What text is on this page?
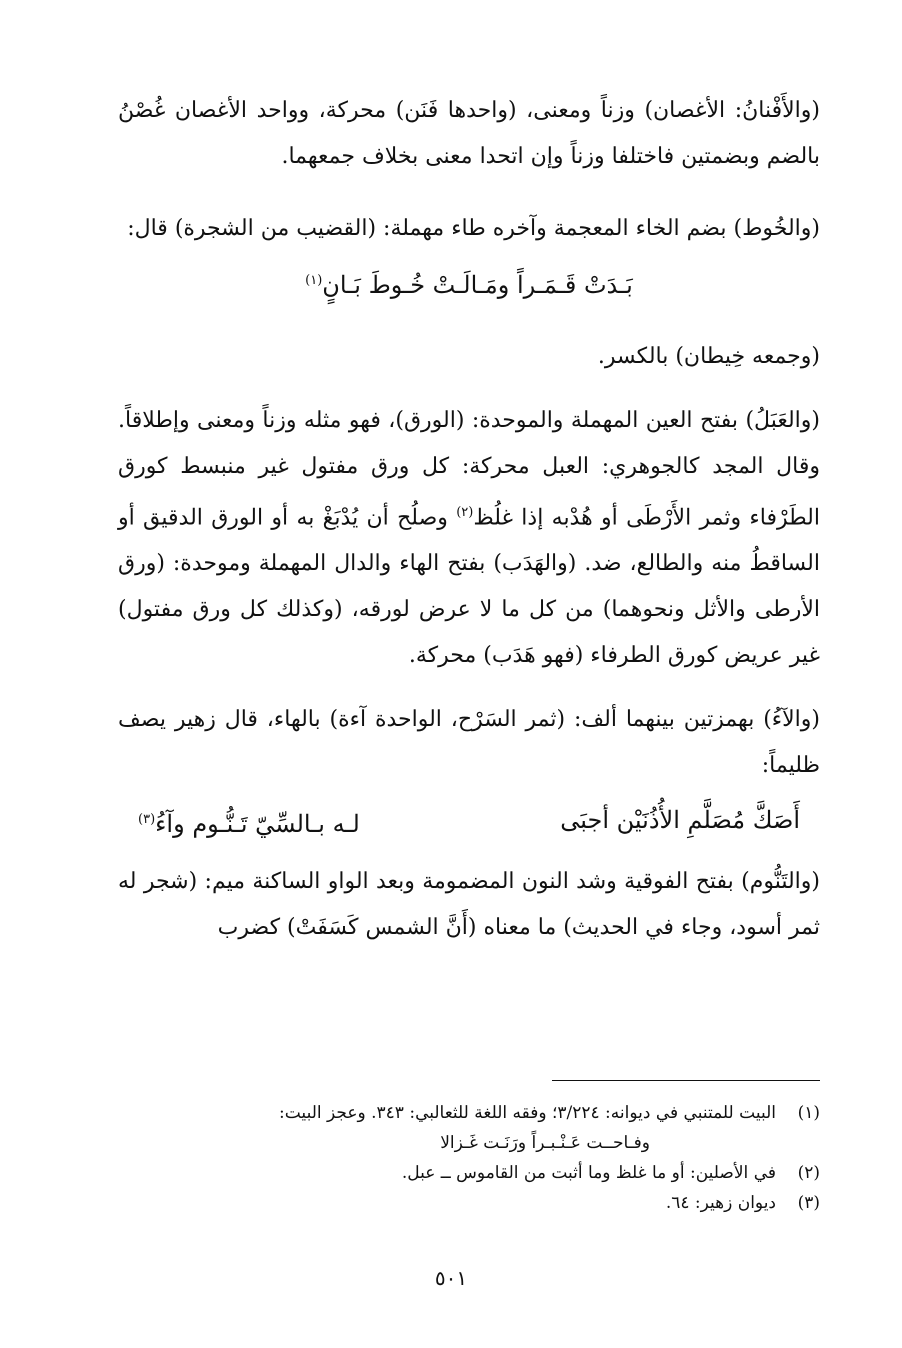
(والأَفْنانُ: الأغصان) وزناً ومعنى، (واحدها فَنَن) محركة، وواحد الأغصان غُصْنُ بالضم وبضمتين فاختلفا وزناً وإن اتحدا معنى بخلاف جمعهما.

(والخُوط) بضم الخاء المعجمة وآخره طاء مهملة: (القضيب من الشجرة) قال:

بَـدَتْ قَـمَـراً ومَـالَـتْ خُـوطَ بَـانٍ$^{(١)}$

(وجمعه خِيطان) بالكسر.

(والعَبَلُ) بفتح العين المهملة والموحدة: (الورق)، فهو مثله وزناً ومعنى وإطلاقاً. وقال المجد كالجوهري: العبل محركة: كل ورق مفتول غير منبسط كورق الطَرْفاء وثمر الأَرْطَى أو هُدْبه إذا غلُظ$^{(٢)}$ وصلُح أن يُدْبَغْ به أو الورق الدقيق أو الساقطُ منه والطالع، ضد. (والهَدَب) بفتح الهاء والدال المهملة وموحدة: (ورق الأرطى والأثل ونحوهما) من كل ما لا عرض لورقه، (وكذلك كل ورق مفتول) غير عريض كورق الطرفاء (فهو هَدَب) محركة.

(والآءُ) بهمزتين بينهما ألف: (ثمر السَرْح، الواحدة آءة) بالهاء، قال زهير يصف ظليماً:

أَصَكَّ مُصَلَّمِ الأُذُنَيْن أجبَى
لـه بـالسِّيّ تَـنُّـوم وآءُ$^{(٣)}$

(والتَنُّوم) بفتح الفوقية وشد النون المضمومة وبعد الواو الساكنة ميم: (شجر له ثمر أسود، وجاء في الحديث) ما معناه (أَنَّ الشمس كَسَفَتْ) كضرب

(١)
البيت للمتنبي في ديوانه: ٣/٢٢٤؛ وفقه اللغة للثعالبي: ٣٤٣. وعجز البيت:
وفـاحــت عَـنْـبـراً ورَنَـت غَـزالا
(٢)
في الأصلين: أو ما غلظ وما أثبت من القاموس ــ عبل.
(٣)
ديوان زهير: ٦٤.
٥٠١
